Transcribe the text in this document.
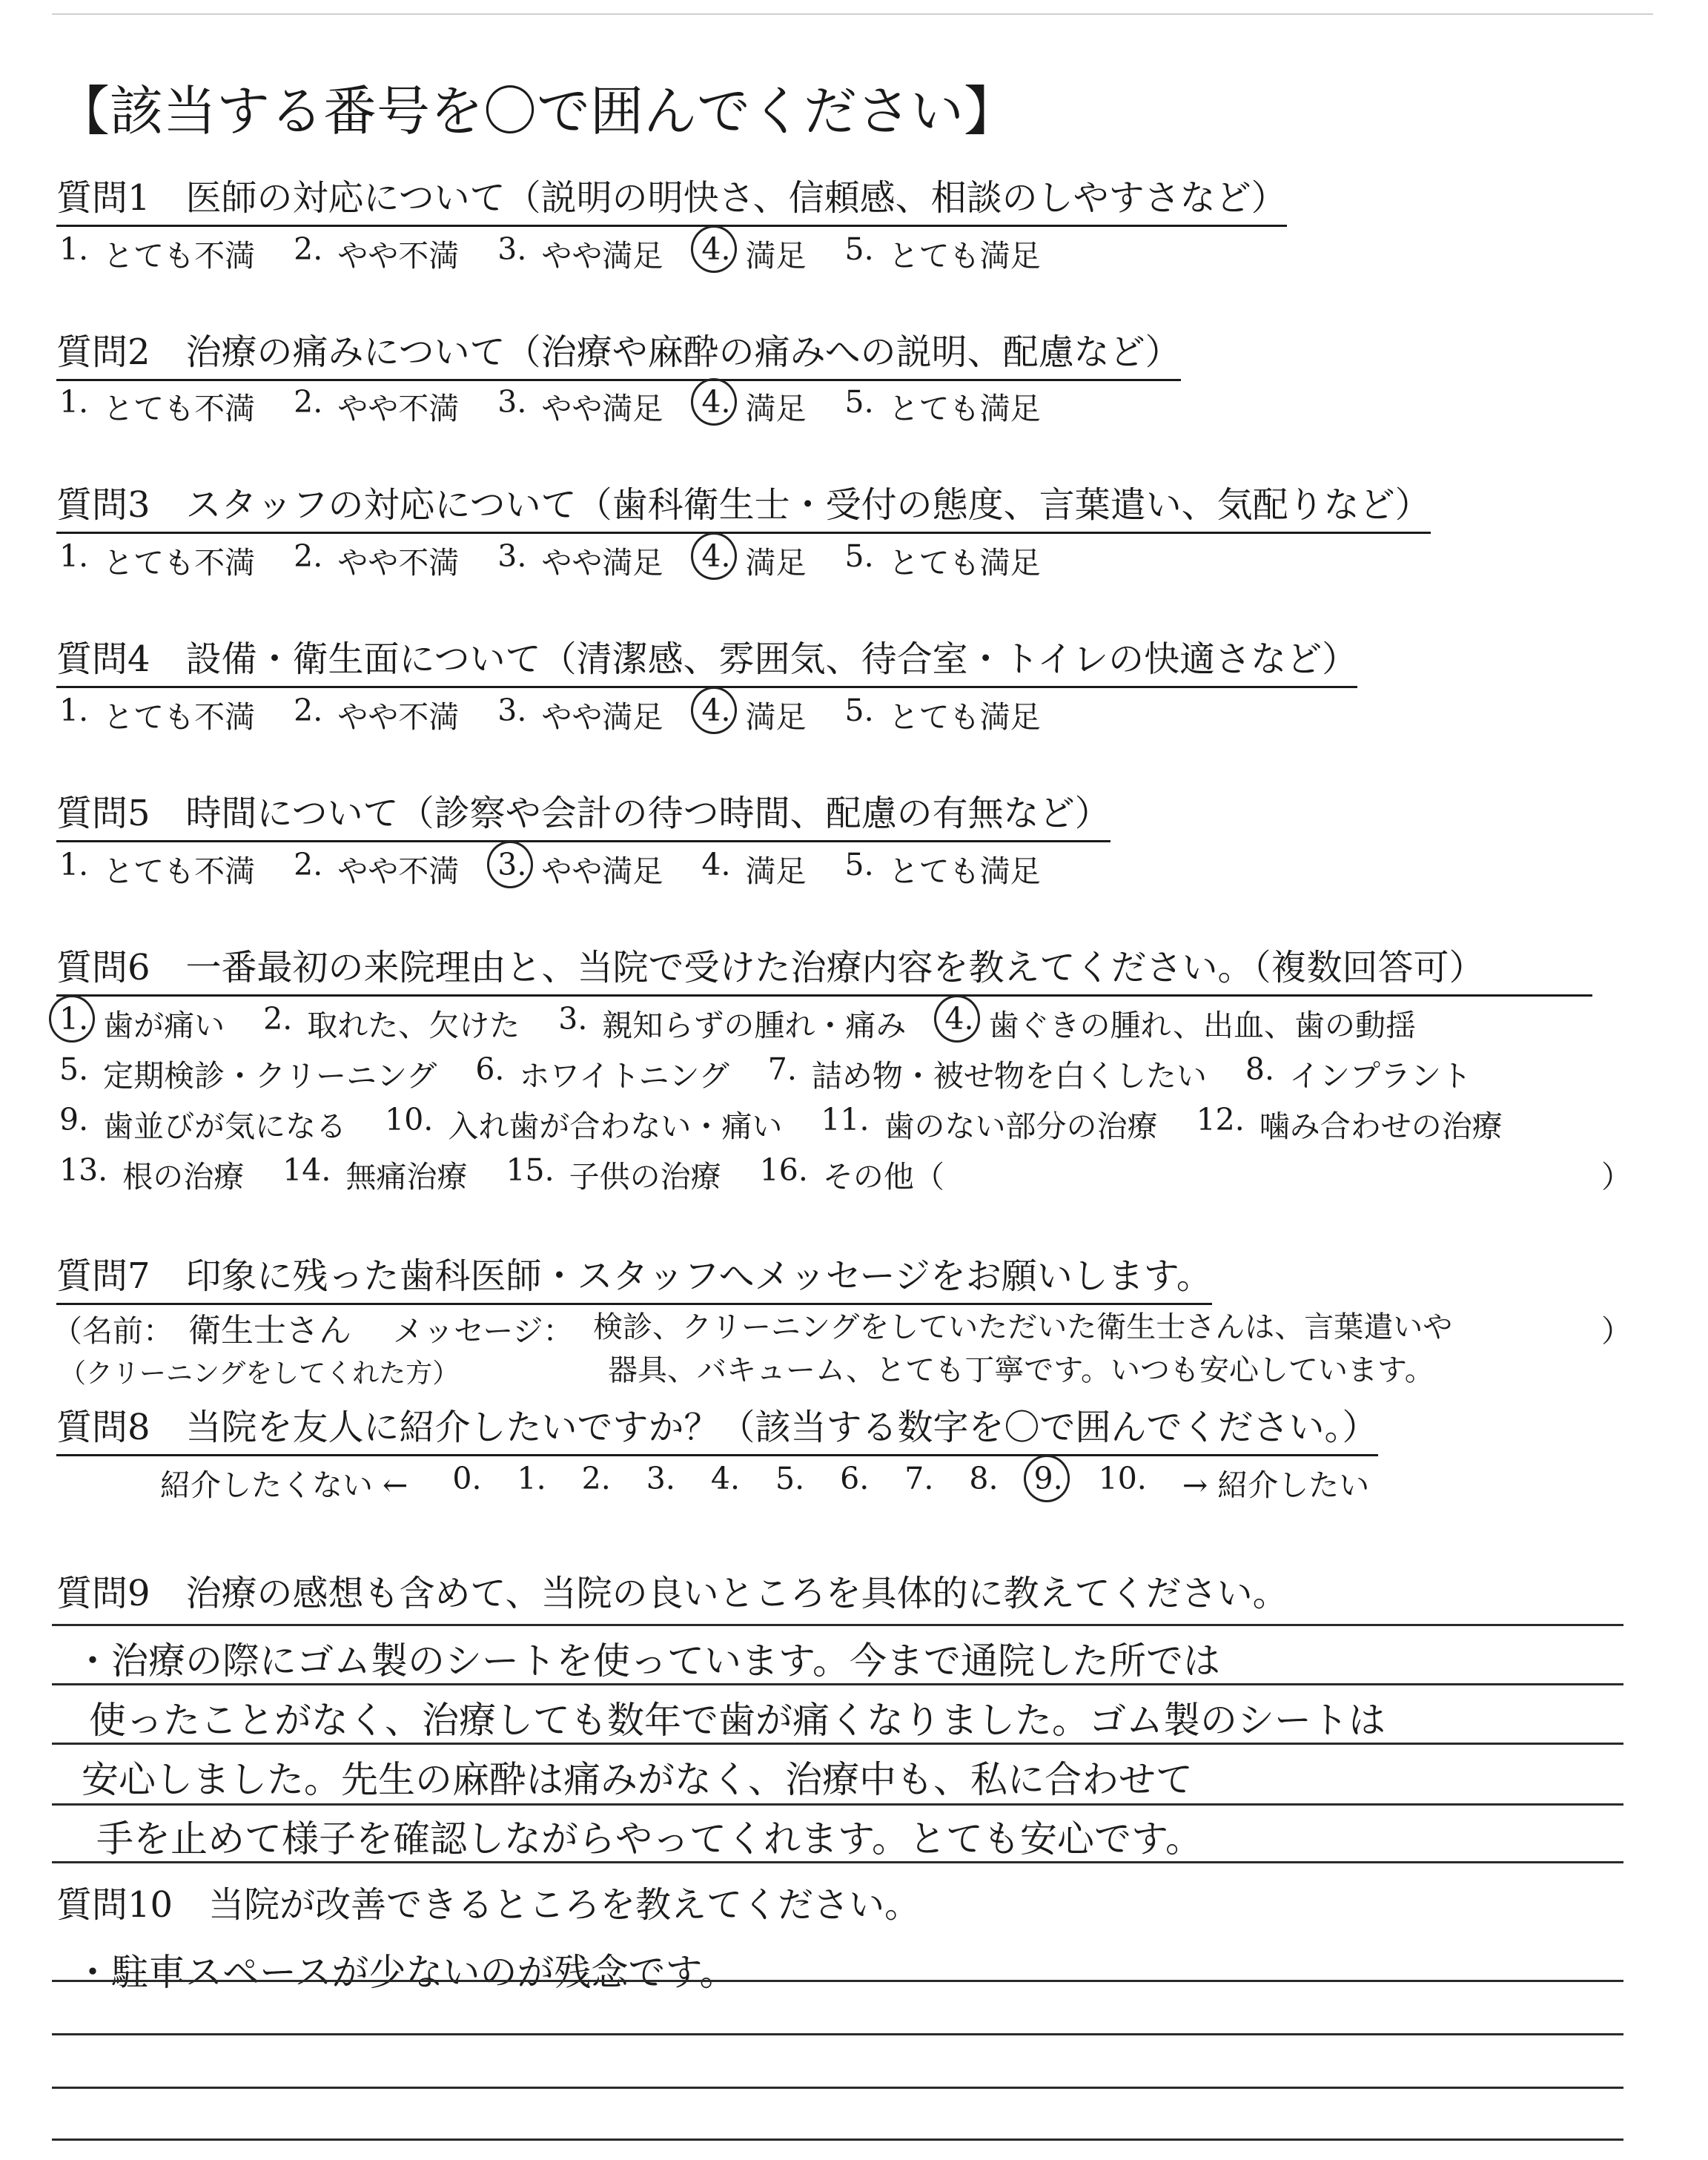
【該当する番号を〇で囲んでください】
質問1　医師の対応について（説明の明快さ、信頼感、相談のしやすさなど）
1. とても不満 2. やや不満 3. やや満足 4. 満足 5. とても満足
質問2　治療の痛みについて（治療や麻酔の痛みへの説明、配慮など）
1. とても不満 2. やや不満 3. やや満足 4. 満足 5. とても満足
質問3　スタッフの対応について（歯科衛生士・受付の態度、言葉遣い、気配りなど）
1. とても不満 2. やや不満 3. やや満足 4. 満足 5. とても満足
質問4　設備・衛生面について（清潔感、雰囲気、待合室・トイレの快適さなど）
1. とても不満 2. やや不満 3. やや満足 4. 満足 5. とても満足
質問5　時間について（診察や会計の待つ時間、配慮の有無など）
1. とても不満 2. やや不満 3. やや満足 4. 満足 5. とても満足
質問6　一番最初の来院理由と、当院で受けた治療内容を教えてください。（複数回答可）
1. 歯が痛い 2. 取れた、欠けた 3. 親知らずの腫れ・痛み 4. 歯ぐきの腫れ、出血、歯の動揺
5. 定期検診・クリーニング 6. ホワイトニング 7. 詰め物・被せ物を白くしたい 8. インプラント
9. 歯並びが気になる 10. 入れ歯が合わない・痛い 11. 歯のない部分の治療 12. 噛み合わせの治療
13. 根の治療 14. 無痛治療 15. 子供の治療 16. その他（	）
質問7　印象に残った歯科医師・スタッフへメッセージをお願いします。
（名前： 衛生士さん
（クリーニングをしてくれた方）
メッセージ： 検診、クリーニングをしていただいた衛生士さんは、言葉遣いや
器具、バキューム、とても丁寧です。いつも安心しています。
）
質問8　当院を友人に紹介したいですか？（該当する数字を〇で囲んでください。）
紹介したくない ← 0. 1. 2. 3. 4. 5. 6. 7. 8. 9. 10. → 紹介したい
質問9　治療の感想も含めて、当院の良いところを具体的に教えてください。
・治療の際にゴム製のシートを使っています。今まで通院した所では
使ったことがなく、治療しても数年で歯が痛くなりました。ゴム製のシートは
安心しました。先生の麻酔は痛みがなく、治療中も、私に合わせて
手を止めて様子を確認しながらやってくれます。とても安心です。
質問10　当院が改善できるところを教えてください。
・駐車スペースが少ないのが残念です。
